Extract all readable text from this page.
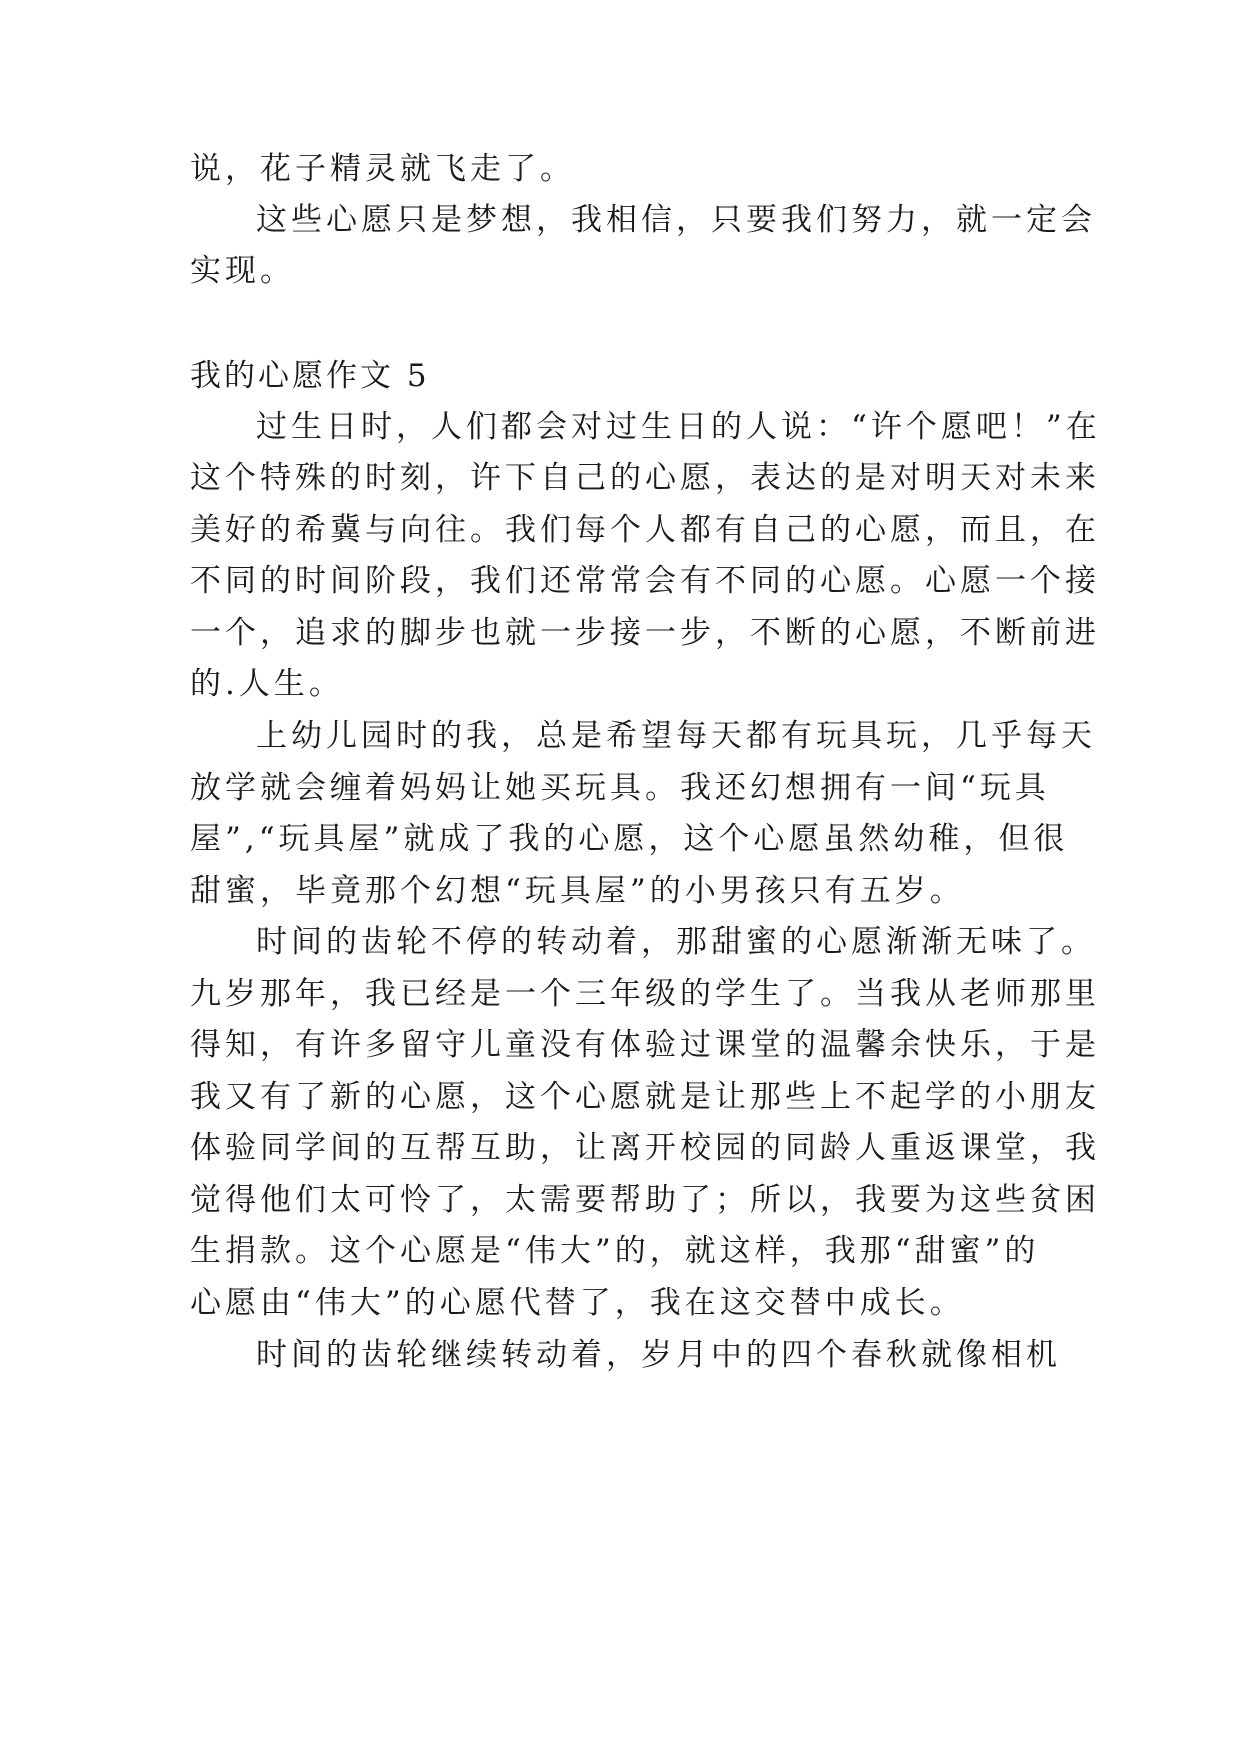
说，花子精灵就飞走了。
这些心愿只是梦想，我相信，只要我们努力，就一定会
实现。
我的心愿作文 5
过生日时，人们都会对过生日的人说：“许个愿吧！”在
这个特殊的时刻，许下自己的心愿，表达的是对明天对未来
美好的希冀与向往。我们每个人都有自己的心愿，而且，在
不同的时间阶段，我们还常常会有不同的心愿。心愿一个接
一个，追求的脚步也就一步接一步，不断的心愿，不断前进
的.人生。
上幼儿园时的我，总是希望每天都有玩具玩，几乎每天
放学就会缠着妈妈让她买玩具。我还幻想拥有一间“玩具
屋”,“玩具屋”就成了我的心愿，这个心愿虽然幼稚，但很
甜蜜，毕竟那个幻想“玩具屋”的小男孩只有五岁。
时间的齿轮不停的转动着，那甜蜜的心愿渐渐无味了。
九岁那年，我已经是一个三年级的学生了。当我从老师那里
得知，有许多留守儿童没有体验过课堂的温馨余快乐，于是
我又有了新的心愿，这个心愿就是让那些上不起学的小朋友
体验同学间的互帮互助，让离开校园的同龄人重返课堂，我
觉得他们太可怜了，太需要帮助了；所以，我要为这些贫困
生捐款。这个心愿是“伟大”的，就这样，我那“甜蜜”的
心愿由“伟大”的心愿代替了，我在这交替中成长。
时间的齿轮继续转动着，岁月中的四个春秋就像相机
